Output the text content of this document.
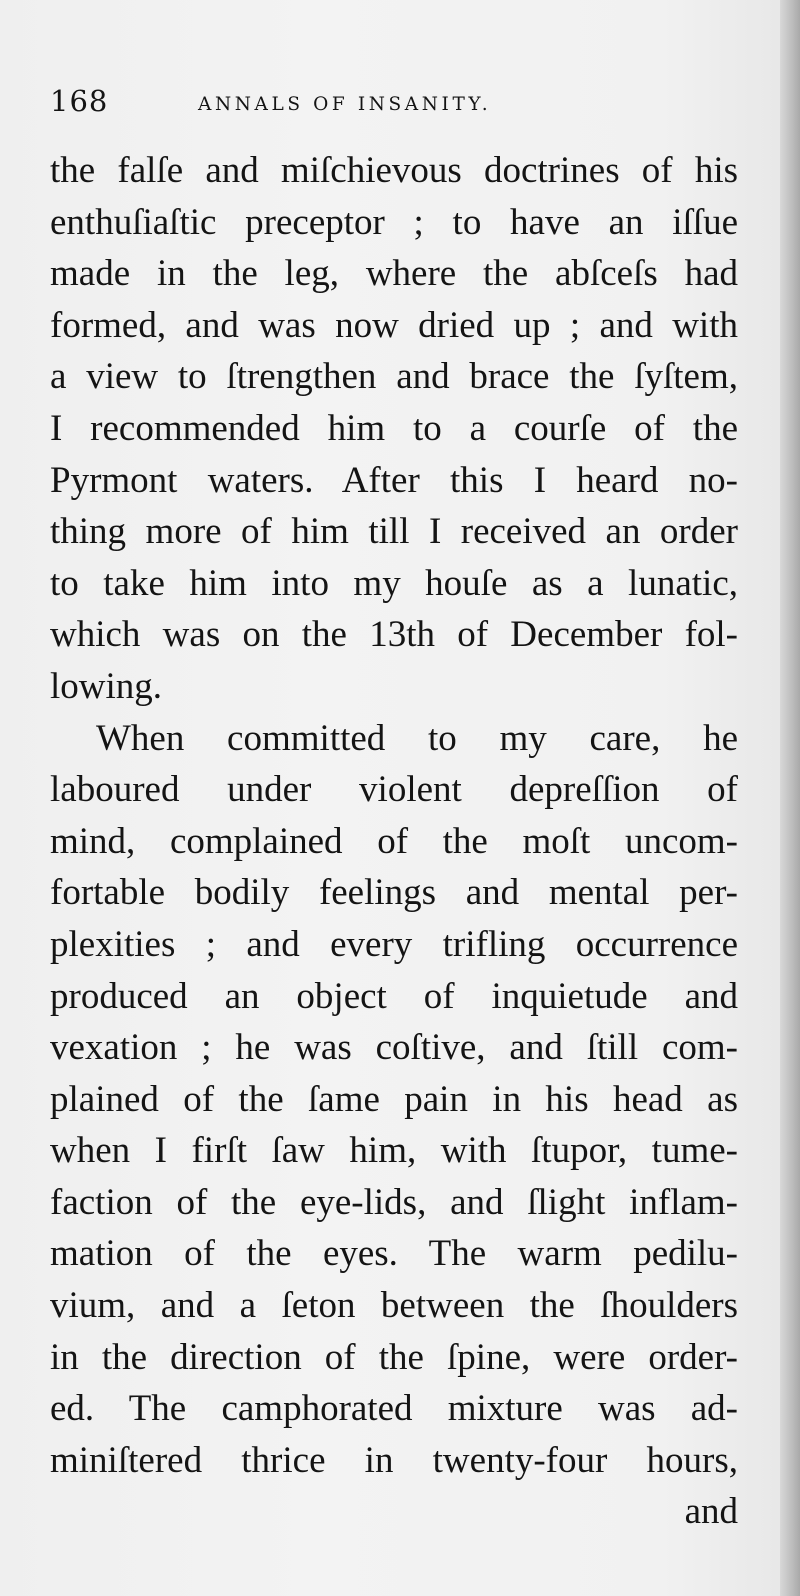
168	ANNALS OF INSANITY.
the falſe and miſchievous doctrines of his
enthuſiaſtic preceptor ; to have an iſſue
made in the leg, where the abſceſs had
formed, and was now dried up ; and with
a view to ſtrengthen and brace the ſyſtem,
I recommended him to a courſe of the
Pyrmont waters. After this I heard no-
thing more of him till I received an order
to take him into my houſe as a lunatic,
which was on the 13th of December fol-
lowing.
When committed to my care, he
laboured under violent depreſſion of
mind, complained of the moſt uncom-
fortable bodily feelings and mental per-
plexities ; and every trifling occurrence
produced an object of inquietude and
vexation ; he was coſtive, and ſtill com-
plained of the ſame pain in his head as
when I firſt ſaw him, with ſtupor, tume-
faction of the eye-lids, and ſlight inflam-
mation of the eyes. The warm pedilu-
vium, and a ſeton between the ſhoulders
in the direction of the ſpine, were order-
ed. The camphorated mixture was ad-
miniſtered thrice in twenty-four hours,
and
